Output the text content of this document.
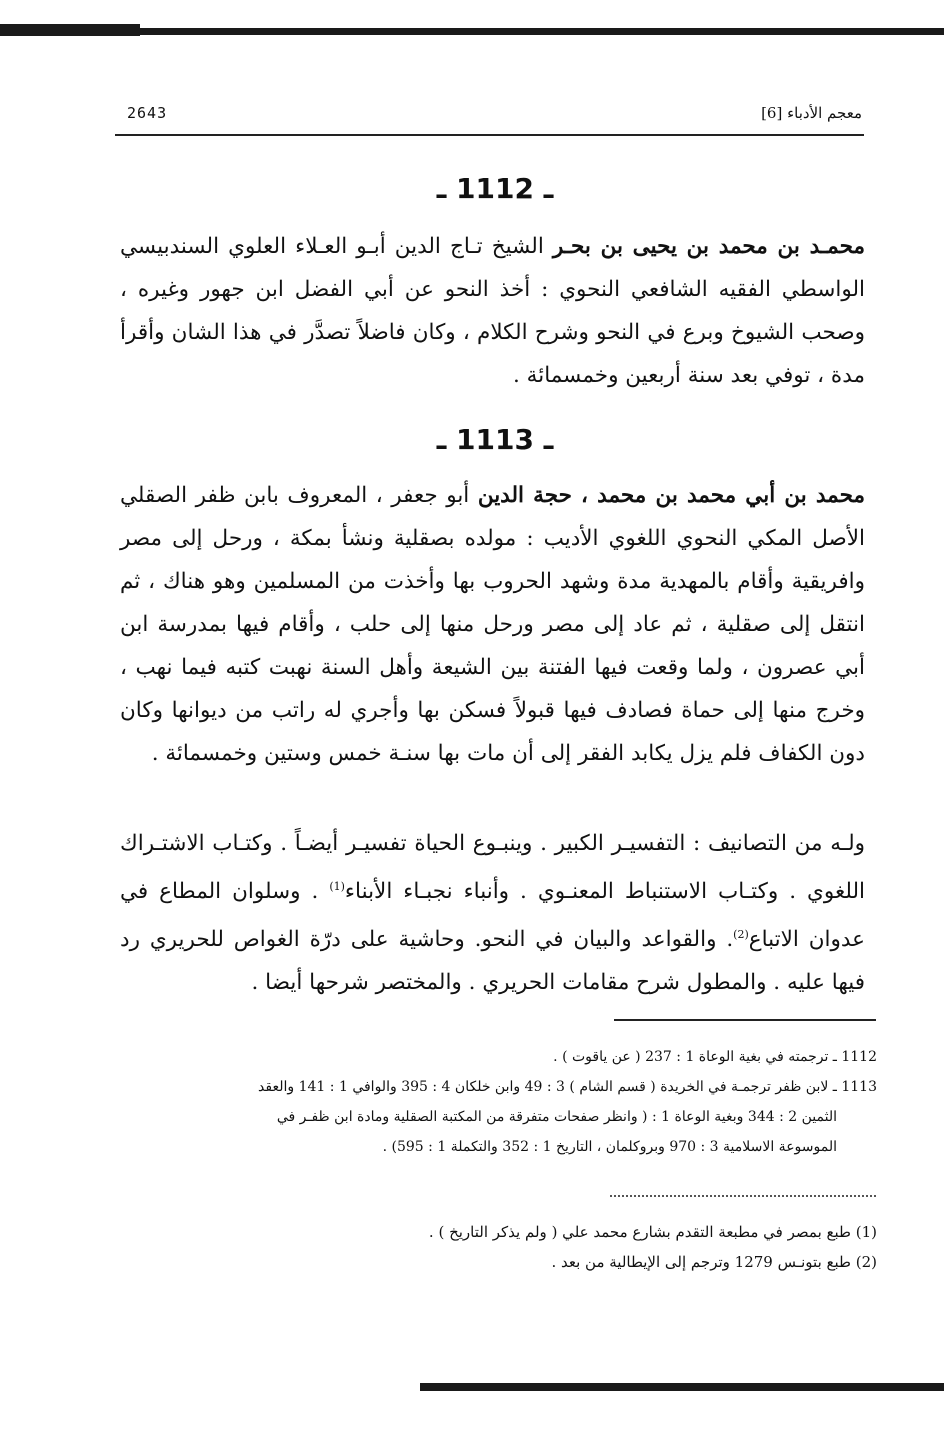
معجم الأدباء [6]
2643
ـ 1112 ـ
محمـد بن محمد بن يحيى بن بحـر الشيخ تـاج الدين أبـو العـلاء العلوي السندبيسي الواسطي الفقيه الشافعي النحوي : أخذ النحو عن أبي الفضل ابن جهور وغيره ، وصحب الشيوخ وبرع في النحو وشرح الكلام ، وكان فاضلاً تصدَّر في هذا الشان وأقرأ مدة ، توفي بعد سنة أربعين وخمسمائة .
ـ 1113 ـ
محمد بن أبي محمد بن محمد ، حجة الدين أبو جعفر ، المعروف بابن ظفر الصقلي الأصل المكي النحوي اللغوي الأديب : مولده بصقلية ونشأ بمكة ، ورحل إلى مصر وافريقية وأقام بالمهدية مدة وشهد الحروب بها وأخذت من المسلمين وهو هناك ، ثم انتقل إلى صقلية ، ثم عاد إلى مصر ورحل منها إلى حلب ، وأقام فيها بمدرسة ابن أبي عصرون ، ولما وقعت فيها الفتنة بين الشيعة وأهل السنة نهبت كتبه فيما نهب ، وخرج منها إلى حماة فصادف فيها قبولاً فسكن بها وأجري له راتب من ديوانها وكان دون الكفاف فلم يزل يكابد الفقر إلى أن مات بها سنـة خمس وستين وخمسمائة .
ولـه من التصانيف : التفسيـر الكبير . وينبـوع الحياة تفسيـر أيضـاً . وكتـاب الاشتـراك اللغوي . وكتـاب الاستنباط المعنـوي . وأنباء نجبـاء الأبناء$^{(1)}$ . وسلوان المطاع في عدوان الاتباع$^{(2)}$. والقواعد والبيان في النحو. وحاشية على درّة الغواص للحريري رد فيها عليه . والمطول شرح مقامات الحريري . والمختصر شرحها أيضا .
1112 ـ ترجمته في بغية الوعاة 1 : 237 ( عن ياقوت ) .
1113 ـ لابن ظفر ترجمـة في الخريدة ( قسم الشام ) 3 : 49 وابن خلكان 4 : 395 والوافي 1 : 141 والعقد
الثمين 2 : 344 وبغية الوعاة 1 : ( وانظر صفحات متفرقة من المكتبة الصقلية ومادة ابن ظفـر في
الموسوعة الاسلامية 3 : 970 وبروكلمان ، التاريخ 1 : 352 والتكملة 1 : 595) .
(1) طبع بمصر في مطبعة التقدم بشارع محمد علي ( ولم يذكر التاريخ ) .
(2) طبع بتونـس 1279 وترجم إلى الإيطالية من بعد .
